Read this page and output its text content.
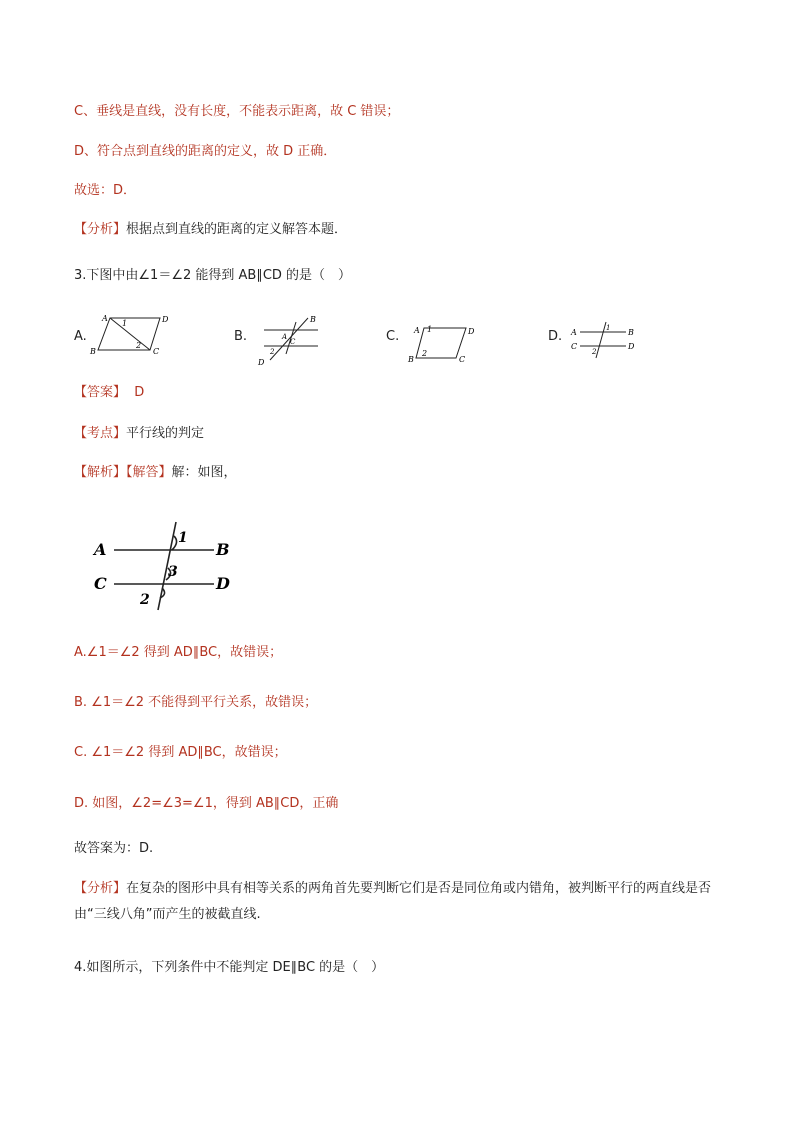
C、垂线是直线，没有长度，不能表示距离，故 C 错误；
D、符合点到直线的距离的定义，故 D 正确．
故选：D．
【分析】根据点到直线的距离的定义解答本题．
3.下图中由∠1＝∠2 能得到 AB∥CD 的是（　）
A.	B.	C.	D.
A	D
B	C
1
2
B
A
C
2
D
A 1	D
B
2
C
A	1 B
C
2
D
【答案】 D
【考点】平行线的判定
【解析】【解答】解：如图，
A	B
C	D
1
3
2
A.∠1＝∠2 得到 AD∥BC，故错误；
B. ∠1＝∠2 不能得到平行关系，故错误；
C. ∠1＝∠2 得到 AD∥BC，故错误；
D. 如图，∠2=∠3=∠1，得到 AB∥CD，正确
故答案为：D.
【分析】在复杂的图形中具有相等关系的两角首先要判断它们是否是同位角或内错角，被判断平行的两直线是否由“三线八角”而产生的被截直线.
4.如图所示，下列条件中不能判定 DE∥BC 的是（　）
